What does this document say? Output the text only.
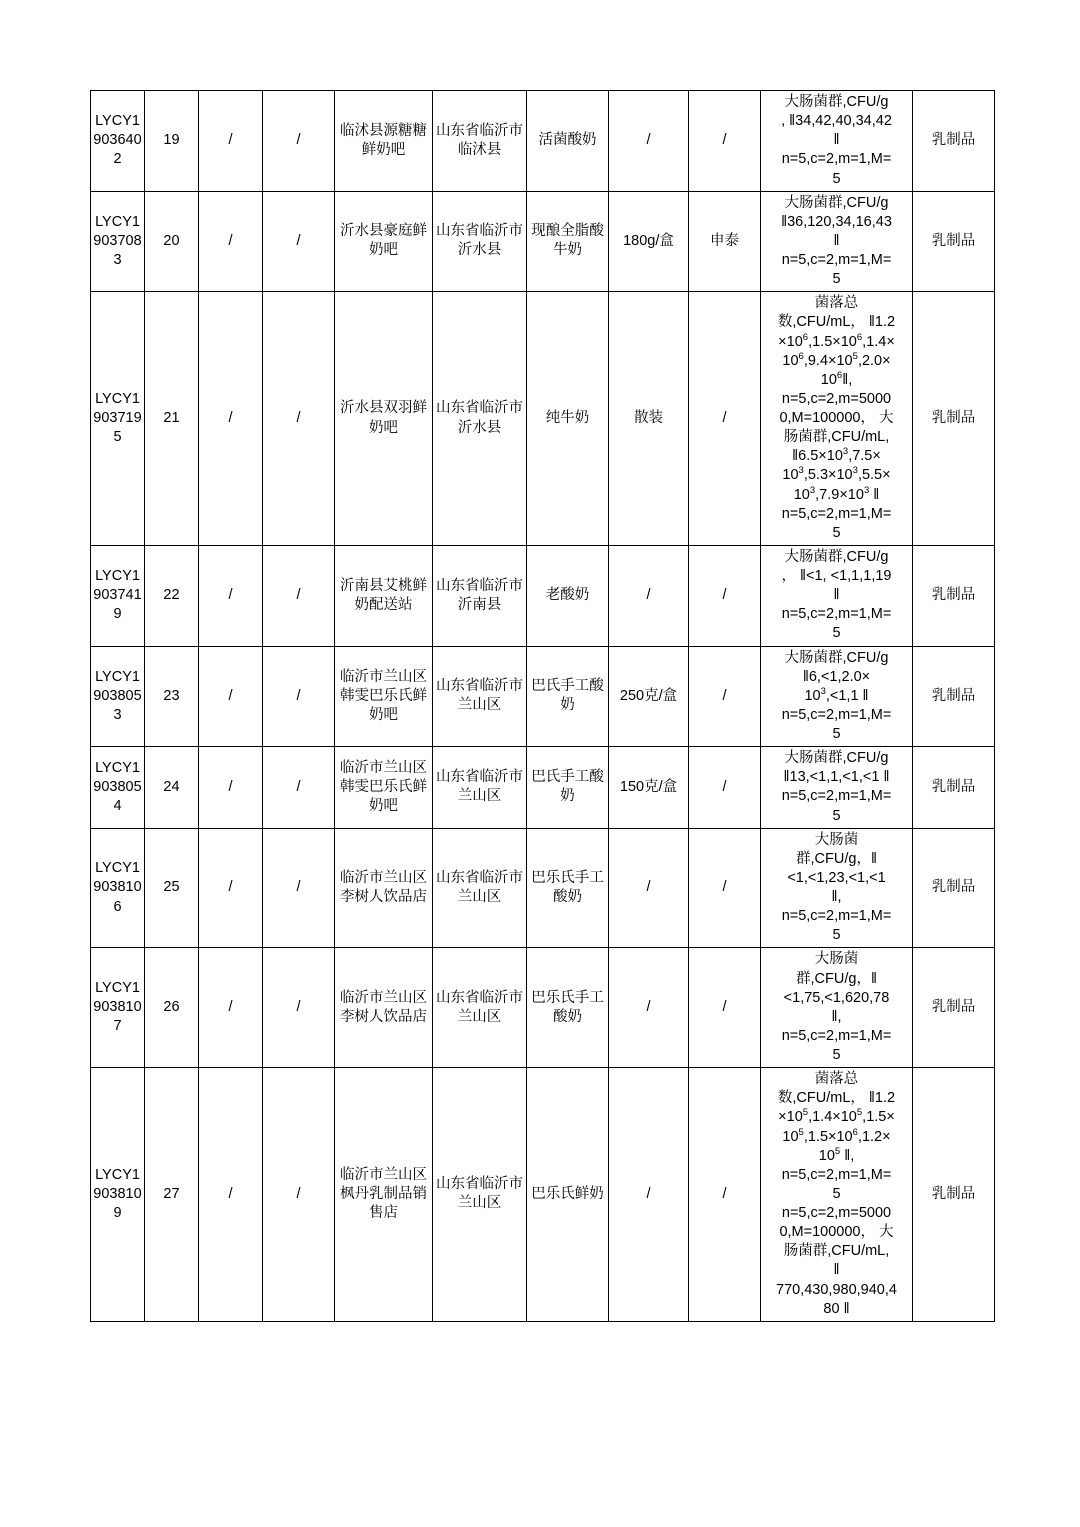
LYCY19036402	19	/	/	临沭县源糖糖鲜奶吧	山东省临沂市临沭县	活菌酸奶	/	/	大肠菌群,CFU/g
, ‖34,42,40,34,42
‖
n=5,c=2,m=1,M=
5	乳制品
LYCY19037083	20	/	/	沂水县豪庭鲜奶吧	山东省临沂市沂水县	现酿全脂酸牛奶	180g/盒	申泰	大肠菌群,CFU/g
‖36,120,34,16,43
‖
n=5,c=2,m=1,M=
5	乳制品
LYCY19037195	21	/	/	沂水县双羽鲜奶吧	山东省临沂市沂水县	纯牛奶	散装	/	菌落总
数,CFU/mL， ‖1.2
$\times 10^6,1.5\times 10^6,1.4\times$
$10^6,9.4\times 10^5,2.0\times$
$10^6‖$,
n=5,c=2,m=5000
0,M=100000， 大
肠菌群,CFU/mL,
$‖6.5\times 10^3,7.5\times$
$10^3,5.3\times 10^3,5.5\times$
$10^3,7.9\times 10^3$ ‖
n=5,c=2,m=1,M=
5	乳制品
LYCY19037419	22	/	/	沂南县艾桃鲜奶配送站	山东省临沂市沂南县	老酸奶	/	/	大肠菌群,CFU/g
， ‖<1, <1,1,1,19
‖
n=5,c=2,m=1,M=
5	乳制品
LYCY19038053	23	/	/	临沂市兰山区韩雯巴乐氏鲜奶吧	山东省临沂市兰山区	巴氏手工酸奶	250克/盒	/	大肠菌群,CFU/g
‖6,<1,2.0×
$10^3,<1,1$ ‖
n=5,c=2,m=1,M=
5	乳制品
LYCY19038054	24	/	/	临沂市兰山区韩雯巴乐氏鲜奶吧	山东省临沂市兰山区	巴氏手工酸奶	150克/盒	/	大肠菌群,CFU/g
‖13,<1,1,<1,<1 ‖
n=5,c=2,m=1,M=
5	乳制品
LYCY19038106	25	/	/	临沂市兰山区李树人饮品店	山东省临沂市兰山区	巴乐氏手工酸奶	/	/	大肠菌
群,CFU/g，‖
<1,<1,23,<1,<1
‖,
n=5,c=2,m=1,M=
5	乳制品
LYCY19038107	26	/	/	临沂市兰山区李树人饮品店	山东省临沂市兰山区	巴乐氏手工酸奶	/	/	大肠菌
群,CFU/g，‖
<1,75,<1,620,78
‖,
n=5,c=2,m=1,M=
5	乳制品
LYCY19038109	27	/	/	临沂市兰山区枫丹乳制品销售店	山东省临沂市兰山区	巴乐氏鲜奶	/	/	菌落总
数,CFU/mL， ‖1.2
$\times 10^5,1.4\times 10^5,1.5\times$
$10^5,1.5\times 10^6,1.2\times$
$10^5$ ‖,
n=5,c=2,m=1,M=
5
n=5,c=2,m=5000
0,M=100000， 大
肠菌群,CFU/mL,
‖
770,430,980,940,4
80 ‖	乳制品
